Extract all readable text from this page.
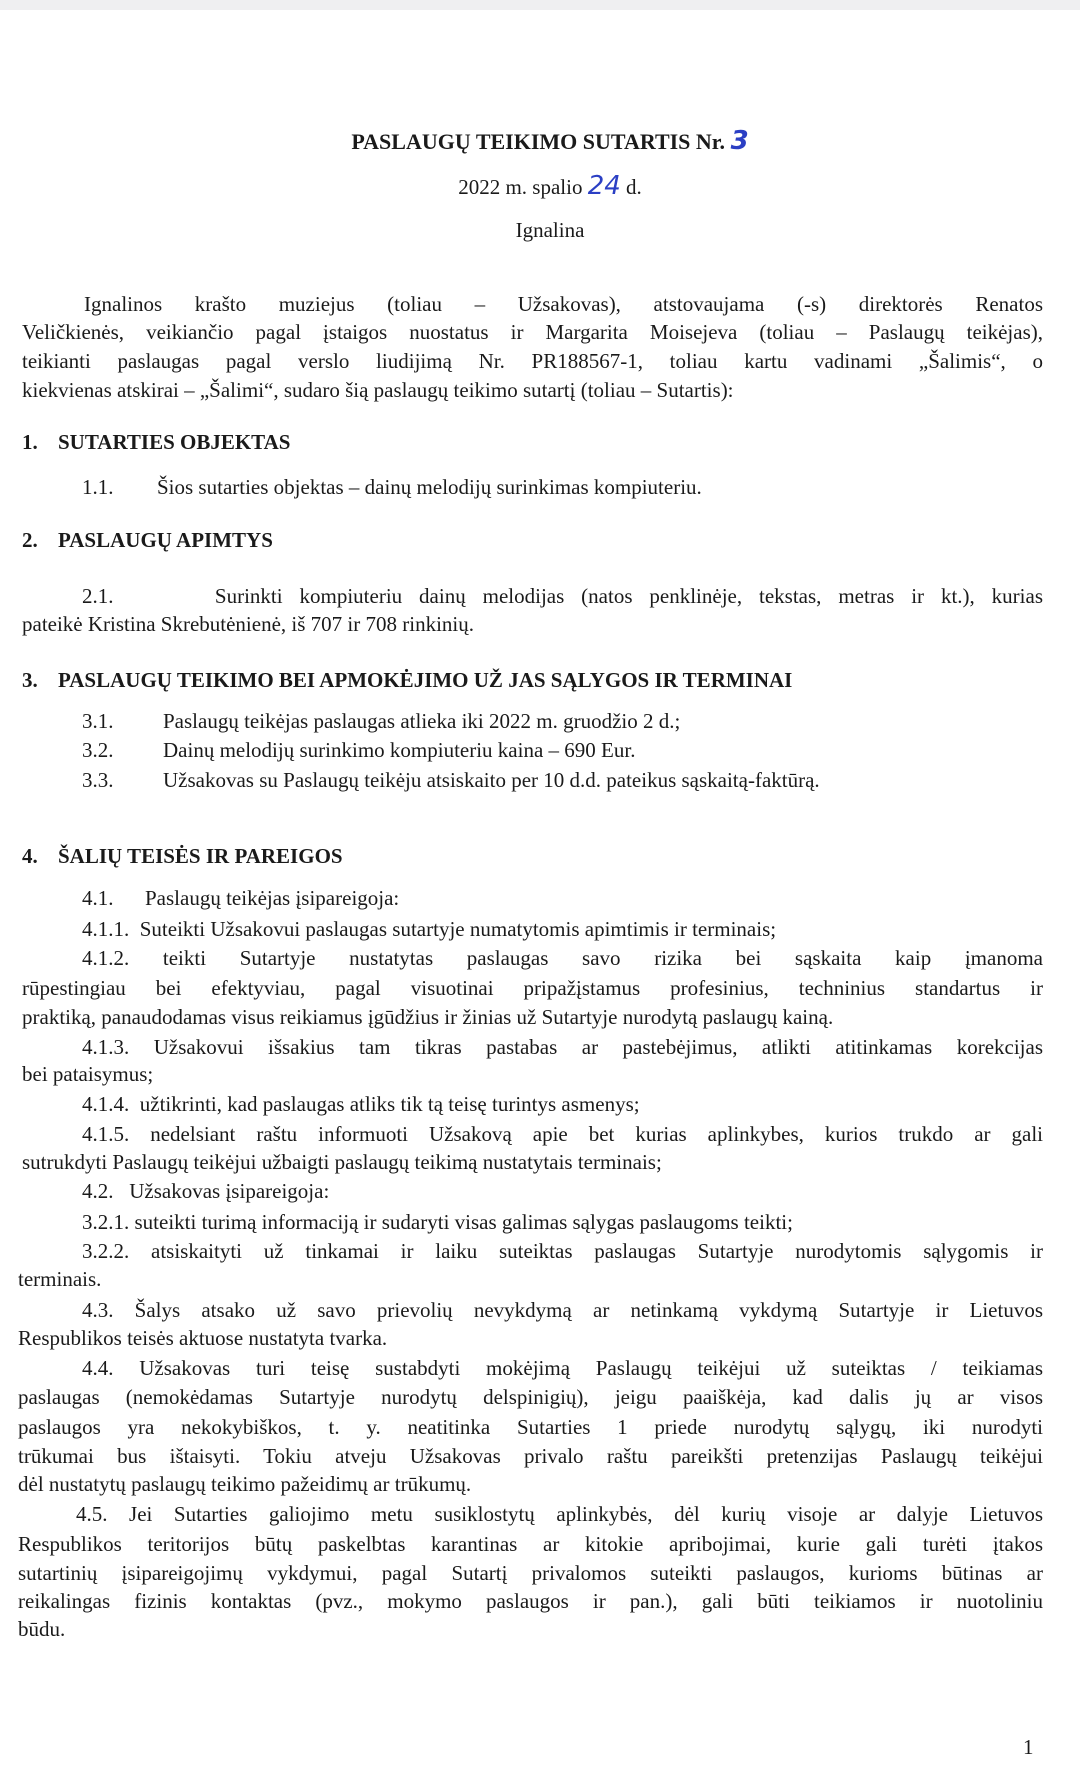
PASLAUGŲ TEIKIMO SUTARTIS Nr. 3
2022 m. spalio 24 d.
Ignalina
Ignalinos krašto muziejus (toliau – Užsakovas), atstovaujama (-s) direktorės Renatos
Veličkienės, veikiančio pagal įstaigos nuostatus ir Margarita Moisejeva (toliau – Paslaugų teikėjas),
teikianti paslaugas pagal verslo liudijimą Nr. PR188567-1, toliau kartu vadinami „Šalimis“, o
kiekvienas atskirai – „Šalimi“, sudaro šią paslaugų teikimo sutartį (toliau – Sutartis):
1. SUTARTIES OBJEKTAS
1.1. Šios sutarties objektas – dainų melodijų surinkimas kompiuteriu.
2. PASLAUGŲ APIMTYS
2.1.      Surinkti kompiuteriu dainų melodijas (natos penklinėje, tekstas, metras ir kt.), kurias
pateikė Kristina Skrebutėnienė, iš 707 ir 708 rinkinių.
3. PASLAUGŲ TEIKIMO BEI APMOKĖJIMO UŽ JAS SĄLYGOS IR TERMINAI
3.1. Paslaugų teikėjas paslaugas atlieka iki 2022 m. gruodžio 2 d.;
3.2. Dainų melodijų surinkimo kompiuteriu kaina – 690 Eur.
3.3. Užsakovas su Paslaugų teikėju atsiskaito per 10 d.d. pateikus sąskaitą-faktūrą.
4. ŠALIŲ TEISĖS IR PAREIGOS
4.1.      Paslaugų teikėjas įsipareigoja:
4.1.1.  Suteikti Užsakovui paslaugas sutartyje numatytomis apimtimis ir terminais;
4.1.2. teikti Sutartyje nustatytas paslaugas savo rizika bei sąskaita kaip įmanoma
rūpestingiau bei efektyviau, pagal visuotinai pripažįstamus profesinius, techninius standartus ir
praktiką, panaudodamas visus reikiamus įgūdžius ir žinias už Sutartyje nurodytą paslaugų kainą.
4.1.3. Užsakovui išsakius tam tikras pastabas ar pastebėjimus, atlikti atitinkamas korekcijas
bei pataisymus;
4.1.4.  užtikrinti, kad paslaugas atliks tik tą teisę turintys asmenys;
4.1.5. nedelsiant raštu informuoti Užsakovą apie bet kurias aplinkybes, kurios trukdo ar gali
sutrukdyti Paslaugų teikėjui užbaigti paslaugų teikimą nustatytais terminais;
4.2.   Užsakovas įsipareigoja:
3.2.1. suteikti turimą informaciją ir sudaryti visas galimas sąlygas paslaugoms teikti;
3.2.2. atsiskaityti už tinkamai ir laiku suteiktas paslaugas Sutartyje nurodytomis sąlygomis ir
terminais.
4.3. Šalys atsako už savo prievolių nevykdymą ar netinkamą vykdymą Sutartyje ir Lietuvos
Respublikos teisės aktuose nustatyta tvarka.
4.4. Užsakovas turi teisę sustabdyti mokėjimą Paslaugų teikėjui už suteiktas / teikiamas
paslaugas (nemokėdamas Sutartyje nurodytų delspinigių), jeigu paaiškėja, kad dalis jų ar visos
paslaugos yra nekokybiškos, t. y. neatitinka Sutarties 1 priede nurodytų sąlygų, iki nurodyti
trūkumai bus ištaisyti. Tokiu atveju Užsakovas privalo raštu pareikšti pretenzijas Paslaugų teikėjui
dėl nustatytų paslaugų teikimo pažeidimų ar trūkumų.
4.5. Jei Sutarties galiojimo metu susiklostytų aplinkybės, dėl kurių visoje ar dalyje Lietuvos
Respublikos teritorijos būtų paskelbtas karantinas ar kitokie apribojimai, kurie gali turėti įtakos
sutartinių įsipareigojimų vykdymui, pagal Sutartį privalomos suteikti paslaugos, kurioms būtinas ar
reikalingas fizinis kontaktas (pvz., mokymo paslaugos ir pan.), gali būti teikiamos ir nuotoliniu
būdu.
1
